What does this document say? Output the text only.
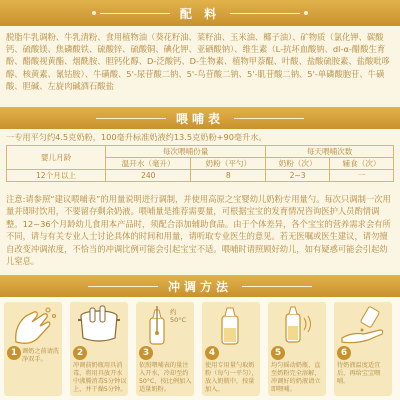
配 料

脱脂牛乳调粉、牛乳清粉、食用植物油（葵花籽油、菜籽油、玉米油、椰子油）、矿物质（氯化钾、碳酸钙、硫酸镁、焦磷酸铁、硫酸锌、硫酸铜、碘化钾、亚硒酸钠）、维生素（L-抗坏血酸钠、dl-α-醋酸生育酚、醋酸视黄酯、烟酰胺、胆钙化醇、D-泛酸钙、D-生物素、植物甲萘醌、叶酸、盐酸硫胺素、盐酸吡哆醇、核黄素、氰钴胺）、牛磺酸、5'-尿苷酸二钠、5'-鸟苷酸二钠、5'-肌苷酸二钠、5'-单磷酸胞苷、牛磺酸、胆碱、左旋肉碱酒石酸盐

喂哺表

一专用平匀约4.5克奶粉，100毫升标准奶液约13.5克奶粉+90毫升水。

婴儿月龄	每次喂哺份量		每天喂哺次数	
	温开水（毫升）	奶粉（平勺）	奶粉（次）	辅食（次）
12个月以上	240	8	2~3	一

注意:请参照“建议喂哺表”的用量说明进行调制，并使用高原之宝婴幼儿奶粉专用量勺。每次只调制一次用量并即时饮用，不要留存剩余奶液。喂哺量是推荐需要量，可根据宝宝的发育情况咨询医护人员酌情调整。12~36个月龄幼儿食用本产品时，须配合添加辅助食品。由于个体差异，各个宝宝的营养需求会有所不同，请与有关专业人士讨论具体的时间和用量，请听取专业医生的意见。若无医嘱或医生建议，请勿擅自改变冲调浓度，不恰当的冲调比例可能会引起宝宝不适。喂哺时请照顾好幼儿，如有疑惑可能会引起幼儿窒息。

冲调方法
1 调奶之前请洗净双手。

2

冲调前奶瓶用具消毒，将用具放开水中沸腾消毒5分钟以上，并干燥5分钟。

约
50°C
3

依照喂哺表的量注入开水，冷却至约50°C，按比例加入适量奶粉。

4

使用专用量勺取奶粉（每勺一平匀），放入奶瓶中，按量加入。

5

均匀摇动奶瓶，直至奶粉完全溶解，冲调好的奶液请立即喂哺。

6

待奶液温度适宜后，再给宝宝喂哺。
